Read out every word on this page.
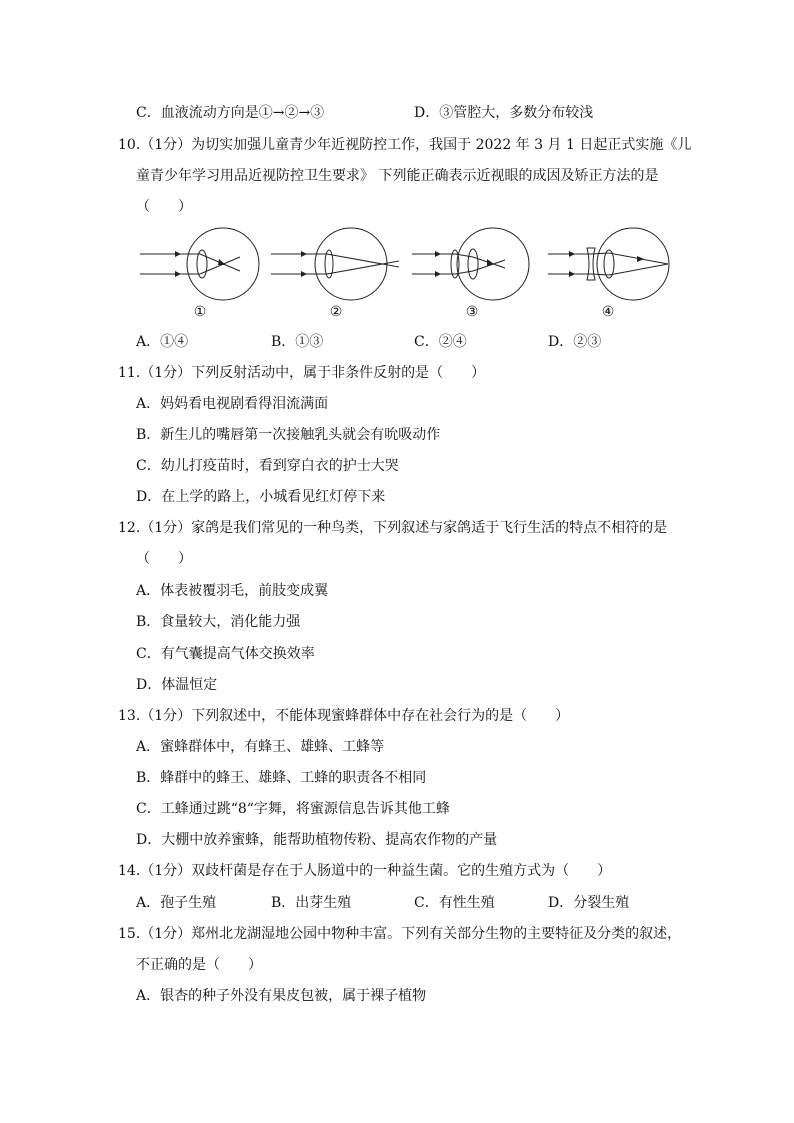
C．血液流动方向是①→②→③	D．③管腔大，多数分布较浅
10.（1分）为切实加强儿童青少年近视防控工作，我国于 2022 年 3 月 1 日起正式实施《儿
童青少年学习用品近视防控卫生要求》 下列能正确表示近视眼的成因及矫正方法的是
（　　）
①	②	③	④
A．①④	B．①③	C．②④	D．②③
11.（1分）下列反射活动中，属于非条件反射的是（　　）
A．妈妈看电视剧看得泪流满面
B．新生儿的嘴唇第一次接触乳头就会有吮吸动作
C．幼儿打疫苗时，看到穿白衣的护士大哭
D．在上学的路上，小城看见红灯停下来
12.（1分）家鸽是我们常见的一种鸟类，下列叙述与家鸽适于飞行生活的特点不相符的是
（　　）
A．体表被覆羽毛，前肢变成翼
B．食量较大，消化能力强
C．有气囊提高气体交换效率
D．体温恒定
13.（1分）下列叙述中，不能体现蜜蜂群体中存在社会行为的是（　　）
A．蜜蜂群体中，有蜂王、雄蜂、工蜂等
B．蜂群中的蜂王、雄蜂、工蜂的职责各不相同
C．工蜂通过跳“8“字舞，将蜜源信息告诉其他工蜂
D．大棚中放养蜜蜂，能帮助植物传粉、提高农作物的产量
14.（1分）双歧杆菌是存在于人肠道中的一种益生菌。它的生殖方式为（　　）
A．孢子生殖	B．出芽生殖	C．有性生殖	D．分裂生殖
15.（1分）郑州北龙湖湿地公园中物种丰富。下列有关部分生物的主要特征及分类的叙述，
不正确的是（　　）
A．银杏的种子外没有果皮包被，属于裸子植物
